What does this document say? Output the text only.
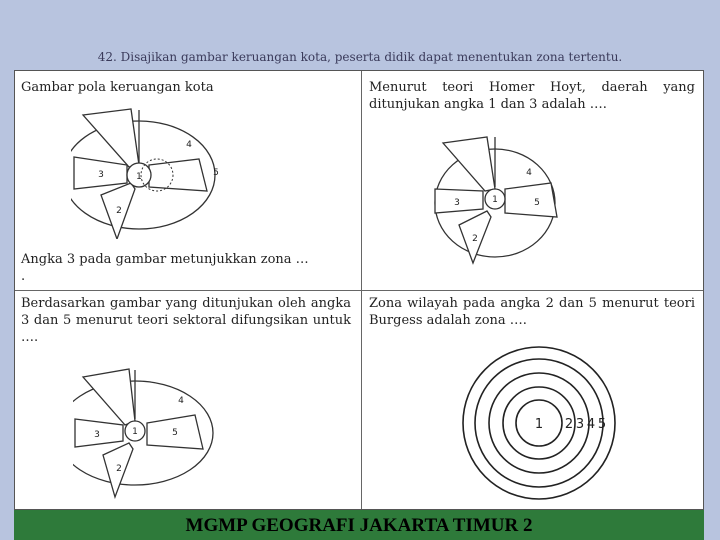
42. Disajikan gambar keruangan kota, peserta didik dapat menentukan zona tertentu.
Gambar pola keruangan kota
1
2
3
4
5
Angka 3 pada gambar metunjukkan zona …
.
Menurut teori Homer Hoyt, daerah yang ditunjukan angka 1 dan 3 adalah ….
1
2
3
4
5
Berdasarkan gambar yang ditunjukan oleh angka 3 dan 5 menurut teori sektoral difungsikan untuk ….
1
2
3
4
5
Zona wilayah pada angka 2 dan 5 menurut teori Burgess adalah zona ….
1 2 3 4 5
MGMP GEOGRAFI JAKARTA TIMUR 2
